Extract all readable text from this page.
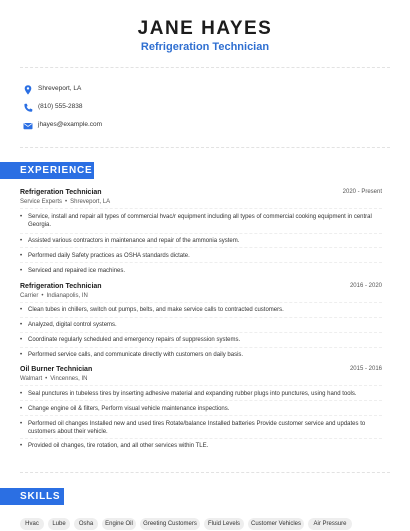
JANE HAYES
Refrigeration Technician
Shreveport, LA
(810) 555-2838
jhayes@example.com
EXPERIENCE
Refrigeration Technician	2020 - Present
Service Experts • Shreveport, LA
• Service, install and repair all types of commercial hvac/r equipment including all types of commercial cooking equipment in central Georgia.
• Assisted various contractors in maintenance and repair of the ammonia system.
• Performed daily Safety practices as OSHA standards dictate.
• Serviced and repaired ice machines.
Refrigeration Technician	2016 - 2020
Carrier • Indianapolis, IN
• Clean tubes in chillers, switch out pumps, belts, and make service calls to contracted customers.
• Analyzed, digital control systems.
• Coordinate regularly scheduled and emergency repairs of suppression systems.
• Performed service calls, and communicate directly with customers on daily basis.
Oil Burner Technician	2015 - 2016
Walmart • Vincennes, IN
• Seal punctures in tubeless tires by inserting adhesive material and expanding rubber plugs into punctures, using hand tools.
• Change engine oil & filters, Perform visual vehicle maintenance inspections.
• Performed oil changes Installed new and used tires Rotate/balance Installed batteries Provide customer service and updates to customers about their vehicle.
• Provided oil changes, tire rotation, and all other services within TLE.
SKILLS
Hvac	Lube	Osha	Engine Oil	Greeting Customers	Fluid Levels	Customer Vehicles	Air Pressure
